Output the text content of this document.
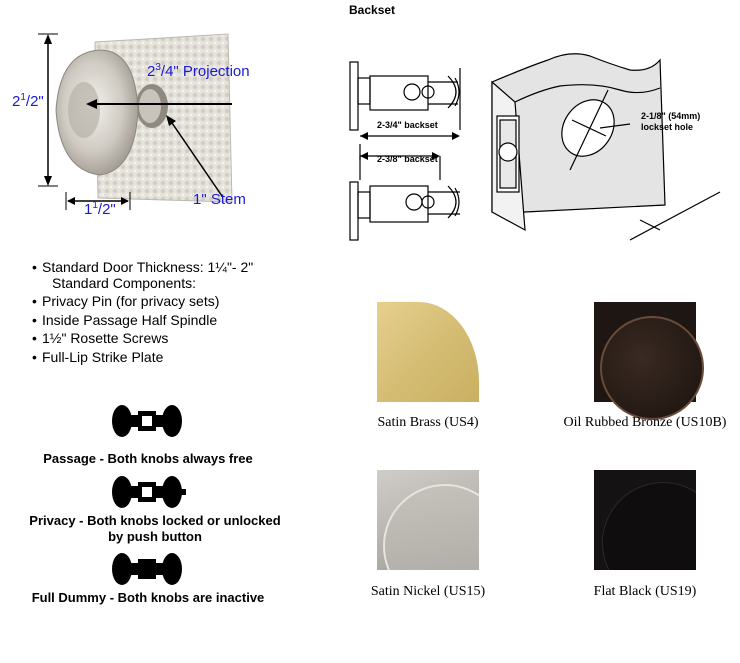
$2^1/2$"
$2^3/4$" Projection
$1^1/2$"
1" Stem
Backset
2-3/4" backset
2-3/8" backset
2-1/8" (54mm)
lockset hole
• Standard Door Thickness: 1¼"- 2"
Standard Components:
• Privacy Pin (for privacy sets)
• Inside Passage Half Spindle
• 1½" Rosette Screws
• Full-Lip Strike Plate
Passage - Both knobs always free
Privacy - Both knobs locked or unlocked
by push button
Full Dummy - Both knobs are inactive
Satin Brass (US4)	Oil Rubbed Bronze (US10B)
Satin Nickel (US15)	Flat Black (US19)
